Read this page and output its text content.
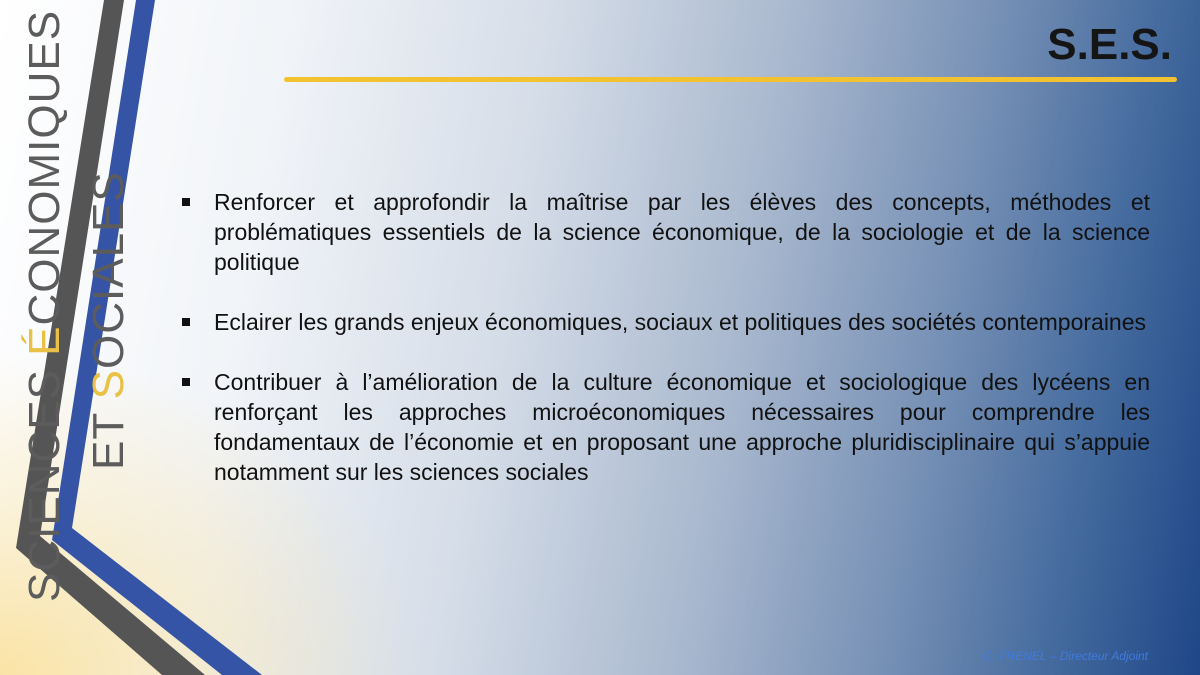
SCIENCES ÉCONOMIQUES
ET SOCIALES
S.E.S.
Renforcer et approfondir la maîtrise par les élèves des concepts, méthodes et problématiques essentiels de la science économique, de la sociologie et de la science politique
Eclairer les grands enjeux économiques, sociaux et politiques des sociétés contemporaines
Contribuer à l’amélioration de la culture économique et sociologique des lycéens en renforçant les approches microéconomiques nécessaires pour comprendre les fondamentaux de l’économie et en proposant une approche pluridisciplinaire qui s’appuie notamment sur les sciences sociales
O. FRENEL – Directeur Adjoint
